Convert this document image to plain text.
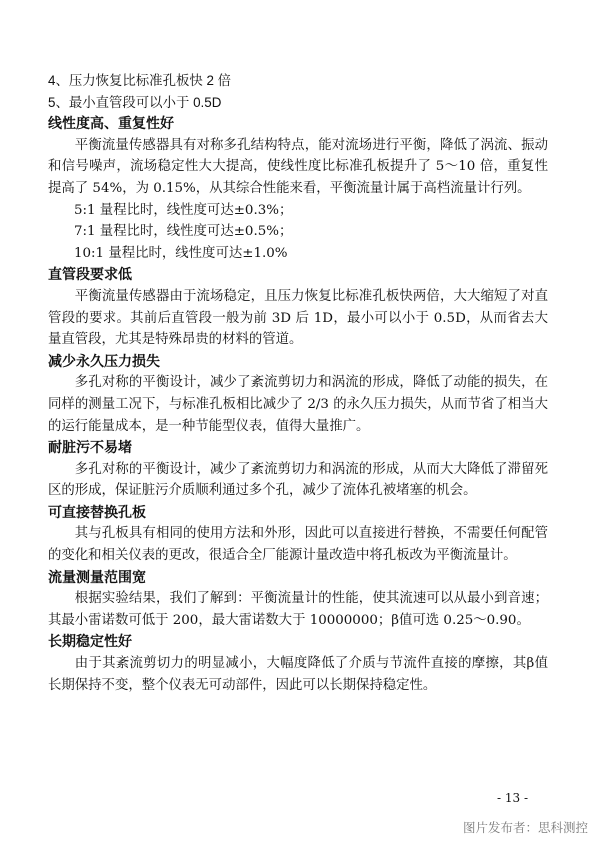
4、压力恢复比标准孔板快 2 倍

5、最小直管段可以小于 0.5D

线性度高、重复性好

平衡流量传感器具有对称多孔结构特点，能对流场进行平衡，降低了涡流、振动和信号噪声，流场稳定性大大提高，使线性度比标准孔板提升了 5～10 倍，重复性提高了 54%，为 0.15%，从其综合性能来看，平衡流量计属于高档流量计行列。

5:1 量程比时，线性度可达±0.3%；

7:1 量程比时，线性度可达±0.5%；

10:1 量程比时，线性度可达±1.0%

直管段要求低

平衡流量传感器由于流场稳定，且压力恢复比标准孔板快两倍，大大缩短了对直管段的要求。其前后直管段一般为前 3D 后 1D，最小可以小于 0.5D，从而省去大量直管段，尤其是特殊昂贵的材料的管道。

减少永久压力损失

多孔对称的平衡设计，减少了紊流剪切力和涡流的形成，降低了动能的损失，在同样的测量工况下，与标准孔板相比减少了 2/3 的永久压力损失，从而节省了相当大的运行能量成本，是一种节能型仪表，值得大量推广。

耐脏污不易堵

多孔对称的平衡设计，减少了紊流剪切力和涡流的形成，从而大大降低了滞留死区的形成，保证脏污介质顺利通过多个孔，减少了流体孔被堵塞的机会。

可直接替换孔板

其与孔板具有相同的使用方法和外形，因此可以直接进行替换，不需要任何配管的变化和相关仪表的更改，很适合全厂能源计量改造中将孔板改为平衡流量计。

流量测量范围宽

根据实验结果，我们了解到：平衡流量计的性能，使其流速可以从最小到音速；其最小雷诺数可低于 200，最大雷诺数大于 10000000；β值可选 0.25～0.90。

长期稳定性好

由于其紊流剪切力的明显减小，大幅度降低了介质与节流件直接的摩擦，其β值长期保持不变，整个仪表无可动部件，因此可以长期保持稳定性。

- 13 -
图片发布者：思科测控
